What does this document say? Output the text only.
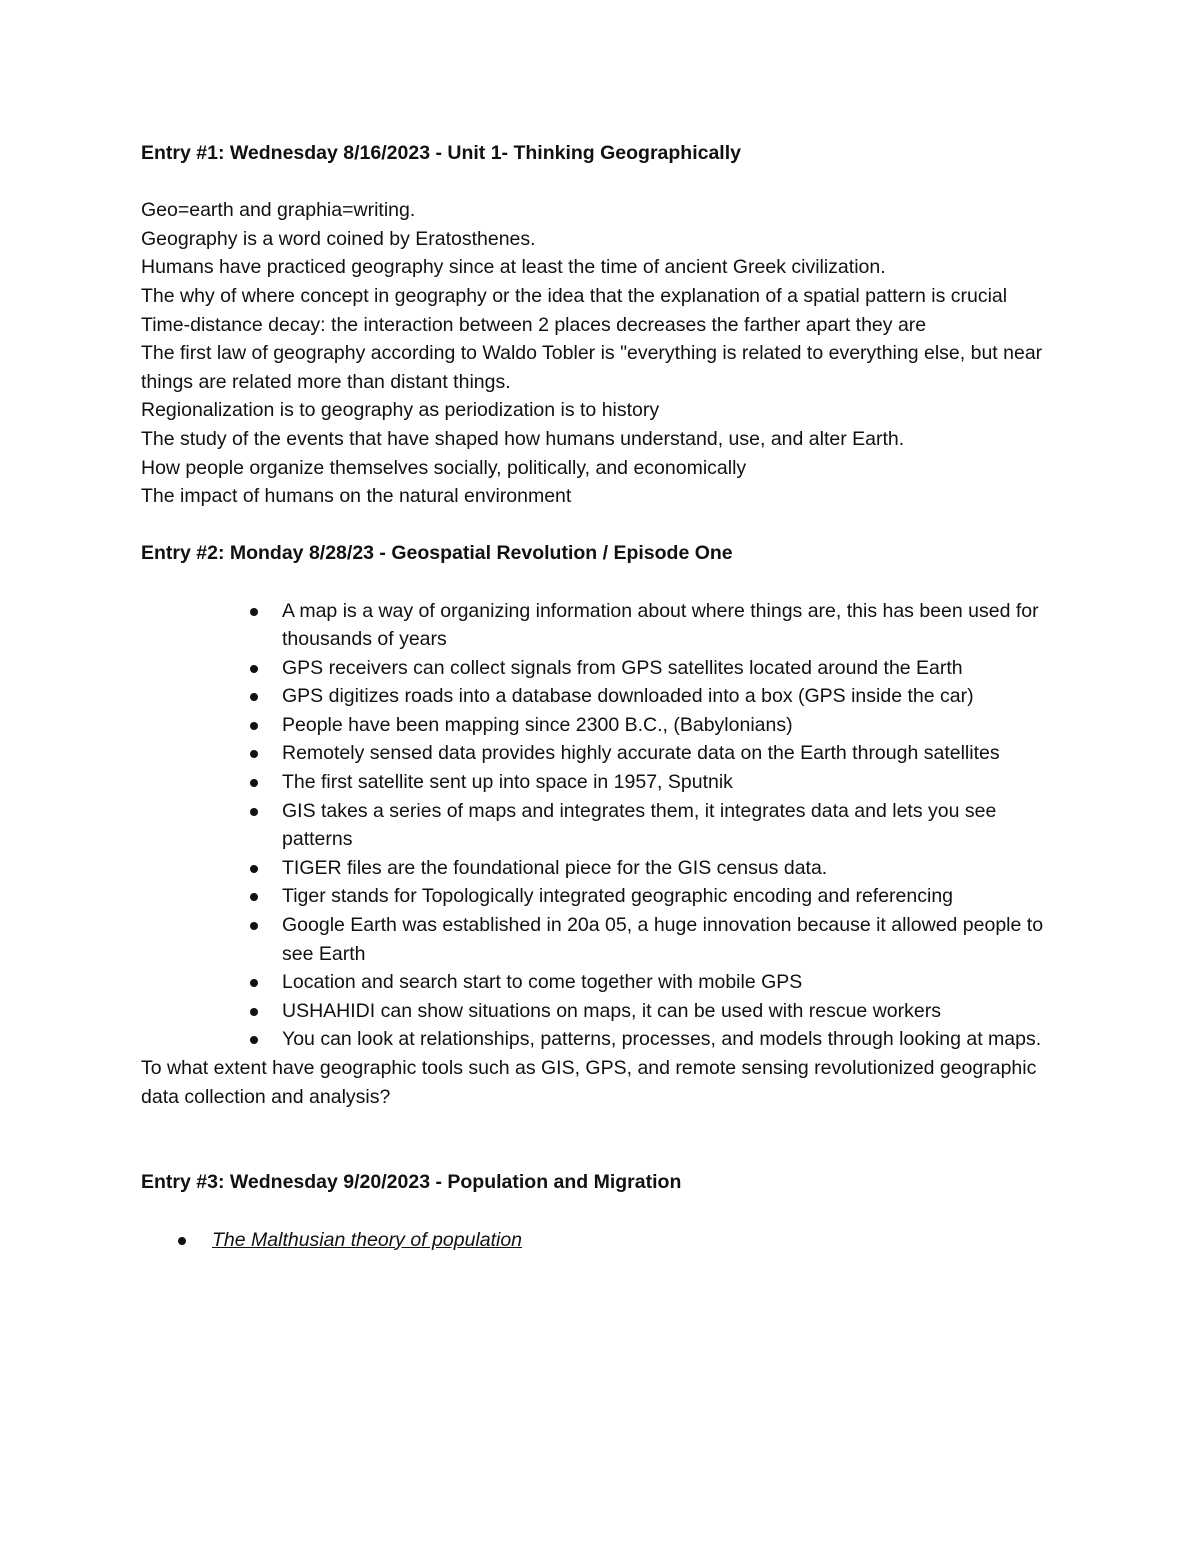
Entry #1: Wednesday 8/16/2023 - Unit 1- Thinking Geographically

Geo=earth and graphia=writing.

Geography is a word coined by Eratosthenes.

Humans have practiced geography since at least the time of ancient Greek civilization.

The why of where concept in geography or the idea that the explanation of a spatial pattern is crucial

Time-distance decay: the interaction between 2 places decreases the farther apart they are

The first law of geography according to Waldo Tobler is "everything is related to everything else, but near things are related more than distant things.

Regionalization is to geography as periodization is to history

The study of the events that have shaped how humans understand, use, and alter Earth.

How people organize themselves socially, politically, and economically

The impact of humans on the natural environment

Entry #2: Monday 8/28/23 - Geospatial Revolution / Episode One

A map is a way of organizing information about where things are, this has been used for thousands of years
GPS receivers can collect signals from GPS satellites located around the Earth
GPS digitizes roads into a database downloaded into a box (GPS inside the car)
People have been mapping since 2300 B.C., (Babylonians)
Remotely sensed data provides highly accurate data on the Earth through satellites
The first satellite sent up into space in 1957, Sputnik
GIS takes a series of maps and integrates them, it integrates data and lets you see patterns
TIGER files are the foundational piece for the GIS census data.
Tiger stands for Topologically integrated geographic encoding and referencing
Google Earth was established in 20a 05, a huge innovation because it allowed people to see Earth
Location and search start to come together with mobile GPS
USHAHIDI can show situations on maps, it can be used with rescue workers
You can look at relationships, patterns, processes, and models through looking at maps.

To what extent have geographic tools such as GIS, GPS, and remote sensing revolutionized geographic data collection and analysis?

Entry #3: Wednesday 9/20/2023 - Population and Migration

The Malthusian theory of population
